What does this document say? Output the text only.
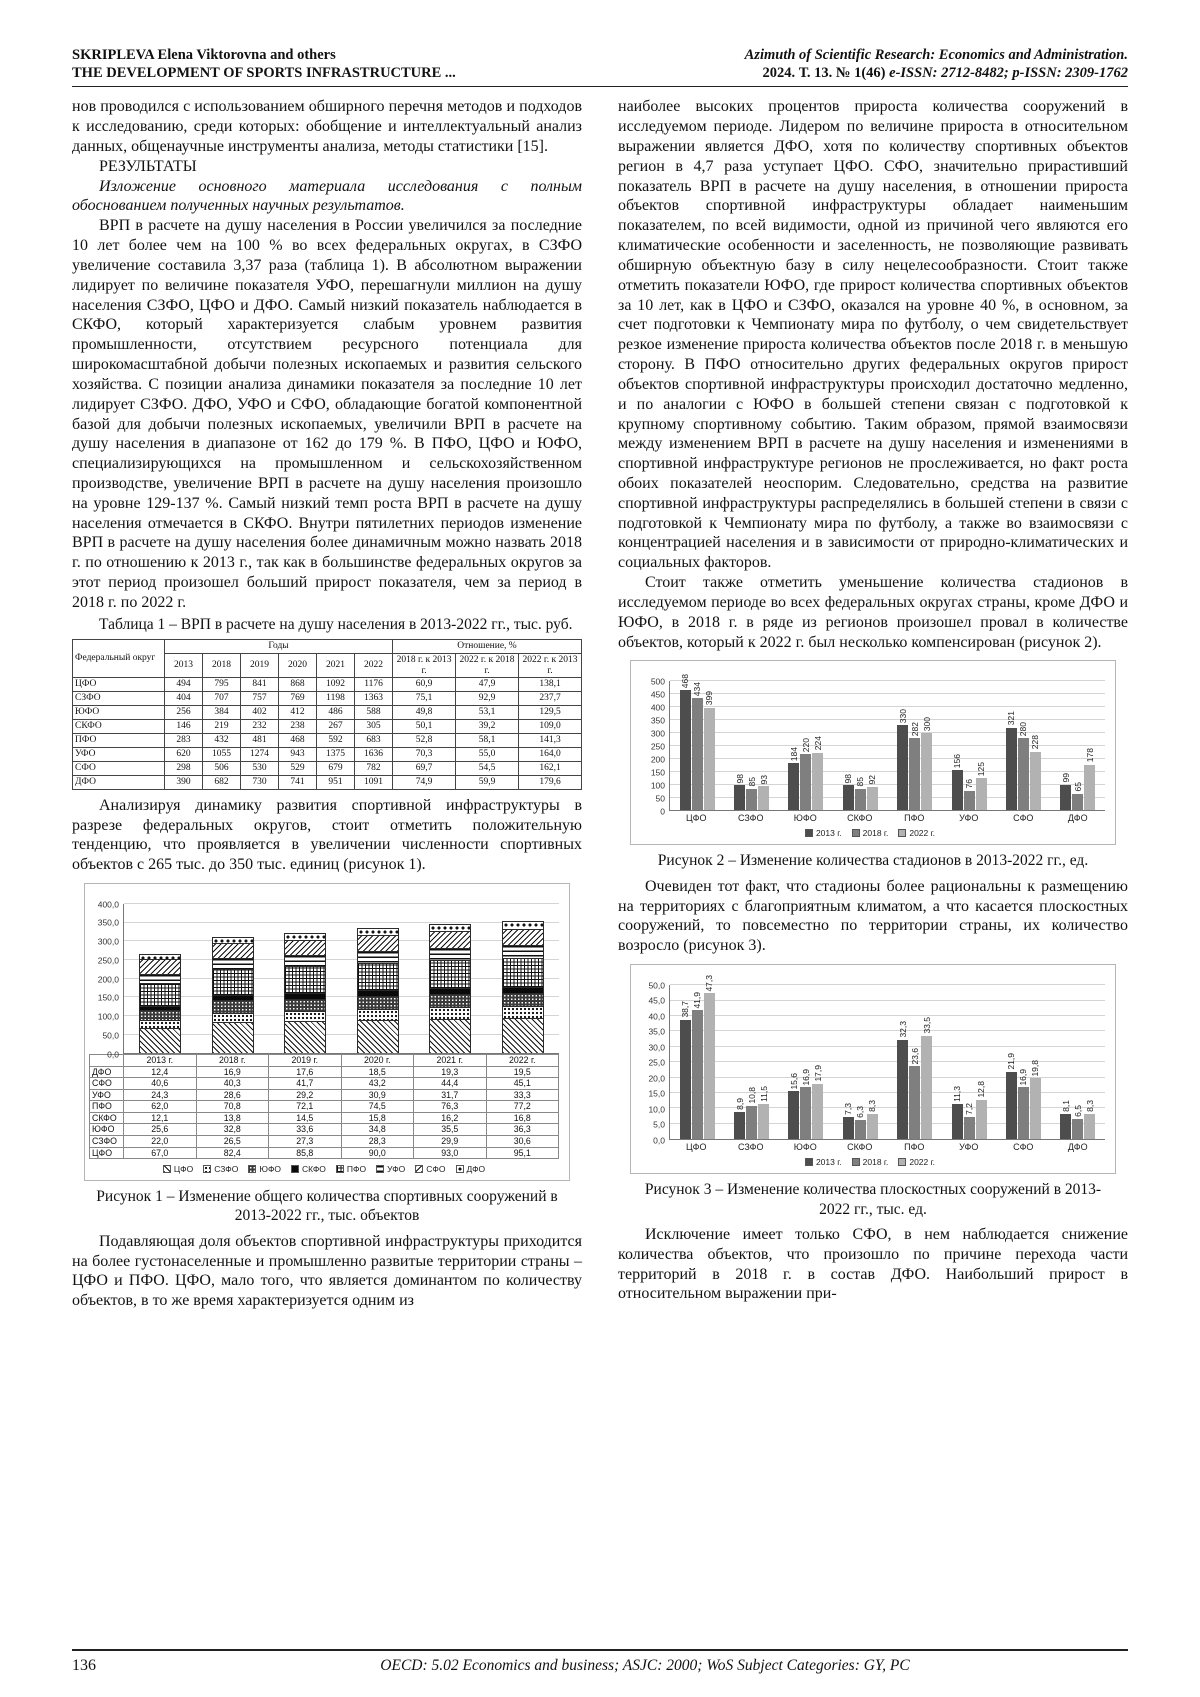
SKRIPLEVA Elena Viktorovna and others
THE DEVELOPMENT OF SPORTS INFRASTRUCTURE ...
Azimuth of Scientific Research: Economics and Administration.
2024. Т. 13. № 1(46) e-ISSN: 2712-8482; p-ISSN: 2309-1762

нов проводился с использованием обширного перечня методов и подходов к исследованию, среди которых: обобщение и интеллектуальный анализ данных, общенаучные инструменты анализа, методы статистики [15].

РЕЗУЛЬТАТЫ

Изложение основного материала исследования с полным обоснованием полученных научных результатов.

ВРП в расчете на душу населения в России увеличился за последние 10 лет более чем на 100 % во всех федеральных округах, в СЗФО увеличение составила 3,37 раза (таблица 1). В абсолютном выражении лидирует по величине показателя УФО, перешагнули миллион на душу населения СЗФО, ЦФО и ДФО. Самый низкий показатель наблюдается в СКФО, который характеризуется слабым уровнем развития промышленности, отсутствием ресурсного потенциала для широкомасштабной добычи полезных ископаемых и развития сельского хозяйства. С позиции анализа динамики показателя за последние 10 лет лидирует СЗФО. ДФО, УФО и СФО, обладающие богатой компонентной базой для добычи полезных ископаемых, увеличили ВРП в расчете на душу населения в диапазоне от 162 до 179 %. В ПФО, ЦФО и ЮФО, специализирующихся на промышленном и сельскохозяйственном производстве, увеличение ВРП в расчете на душу населения произошло на уровне 129-137 %. Самый низкий темп роста ВРП в расчете на душу населения отмечается в СКФО. Внутри пятилетних периодов изменение ВРП в расчете на душу населения более динамичным можно назвать 2018 г. по отношению к 2013 г., так как в большинстве федеральных округов за этот период произошел больший прирост показателя, чем за период в 2018 г. по 2022 г.

Таблица 1 – ВРП в расчете на душу населения в 2013-2022 гг., тыс. руб.

Федеральный округ	Годы						Отношение, %		
	2013	2018	2019	2020	2021	2022	2018 г. к 2013 г.	2022 г. к 2018 г.	2022 г. к 2013 г.
ЦФО	494	795	841	868	1092	1176	60,9	47,9	138,1
СЗФО	404	707	757	769	1198	1363	75,1	92,9	237,7
ЮФО	256	384	402	412	486	588	49,8	53,1	129,5
СКФО	146	219	232	238	267	305	50,1	39,2	109,0
ПФО	283	432	481	468	592	683	52,8	58,1	141,3
УФО	620	1055	1274	943	1375	1636	70,3	55,0	164,0
СФО	298	506	530	529	679	782	69,7	54,5	162,1
ДФО	390	682	730	741	951	1091	74,9	59,9	179,6

Анализируя динамику развития спортивной инфраструктуры в разрезе федеральных округов, стоит отметить положительную тенденцию, что проявляется в увеличении численности спортивных объектов с 265 тыс. до 350 тыс. единиц (рисунок 1).

0,0
50,0
100,0
150,0
200,0
250,0
300,0
350,0
400,0
	2013 г.	2018 г.	2019 г.	2020 г.	2021 г.	2022 г.
ДФО	12,4	16,9	17,6	18,5	19,3	19,5
СФО	40,6	40,3	41,7	43,2	44,4	45,1
УФО	24,3	28,6	29,2	30,9	31,7	33,3
ПФО	62,0	70,8	72,1	74,5	76,3	77,2
СКФО	12,1	13,8	14,5	15,8	16,2	16,8
ЮФО	25,6	32,8	33,6	34,8	35,5	36,3
СЗФО	22,0	26,5	27,3	28,3	29,9	30,6
ЦФО	67,0	82,4	85,8	90,0	93,0	95,1
ЦФО СЗФО ЮФО СКФО ПФО УФО СФО ДФО
Рисунок 1 – Изменение общего количества спортивных сооружений в 2013-2022 гг., тыс. объектов

Подавляющая доля объектов спортивной инфраструктуры приходится на более густонаселенные и промышленно развитые территории страны – ЦФО и ПФО. ЦФО, мало того, что является доминантом по количеству объектов, в то же время характеризуется одним из

наиболее высоких процентов прироста количества сооружений в исследуемом периоде. Лидером по величине прироста в относительном выражении является ДФО, хотя по количеству спортивных объектов регион в 4,7 раза уступает ЦФО. СФО, значительно прирастивший показатель ВРП в расчете на душу населения, в отношении прироста объектов спортивной инфраструктуры обладает наименьшим показателем, по всей видимости, одной из причиной чего являются его климатические особенности и заселенность, не позволяющие развивать обширную объектную базу в силу нецелесообразности. Стоит также отметить показатели ЮФО, где прирост количества спортивных объектов за 10 лет, как в ЦФО и СЗФО, оказался на уровне 40 %, в основном, за счет подготовки к Чемпионату мира по футболу, о чем свидетельствует резкое изменение прироста количества объектов после 2018 г. в меньшую сторону. В ПФО относительно других федеральных округов прирост объектов спортивной инфраструктуры происходил достаточно медленно, и по аналогии с ЮФО в большей степени связан с подготовкой к крупному спортивному событию. Таким образом, прямой взаимосвязи между изменением ВРП в расчете на душу населения и изменениями в спортивной инфраструктуре регионов не прослеживается, но факт роста обоих показателей неоспорим. Следовательно, средства на развитие спортивной инфраструктуры распределялись в большей степени в связи с подготовкой к Чемпионату мира по футболу, а также во взаимосвязи с концентрацией населения и в зависимости от природно-климатических и социальных факторов.

Стоит также отметить уменьшение количества стадионов в исследуемом периоде во всех федеральных округах страны, кроме ДФО и ЮФО, в 2018 г. в ряде из регионов произошел провал в количестве объектов, который к 2022 г. был несколько компенсирован (рисунок 2).

0
50
100
150
200
250
300
350
400
450
500 468
434
399
98 85 93
184
220 224
98 85 92
330
282 300
156
76
125
321
280
228
99
65
178
ЦФО	СЗФО	ЮФО	СКФО	ПФО	УФО	СФО	ДФО
2013 г. 2018 г. 2022 г.
Рисунок 2 – Изменение количества стадионов в 2013-2022 гг., ед.

Очевиден тот факт, что стадионы более рациональны к размещению на территориях с благоприятным климатом, а что касается плоскостных сооружений, то повсеместно по территории страны, их количество возросло (рисунок 3).

0,0
5,0
10,0
15,0
20,0
25,0
30,0
35,0
40,0
45,0
50,0
38,7
41,9
47,3
8,9 10,8 11,5
15,6 16,9 17,9
7,3 6,3
8,3
32,3
23,6
33,5
11,3
7,2
12,8
21,9
16,9
19,8
8,1 6,5 8,3
ЦФО	СЗФО	ЮФО	СКФО	ПФО	УФО	СФО	ДФО
2013 г. 2018 г. 2022 г.
Рисунок 3 – Изменение количества плоскостных сооружений в 2013-2022 гг., тыс. ед.

Исключение имеет только СФО, в нем наблюдается снижение количества объектов, что произошло по причине перехода части территорий в 2018 г. в состав ДФО. Наибольший прирост в относительном выражении при-

136	OECD: 5.02 Economics and business; ASJC: 2000; WoS Subject Categories: GY, PC
